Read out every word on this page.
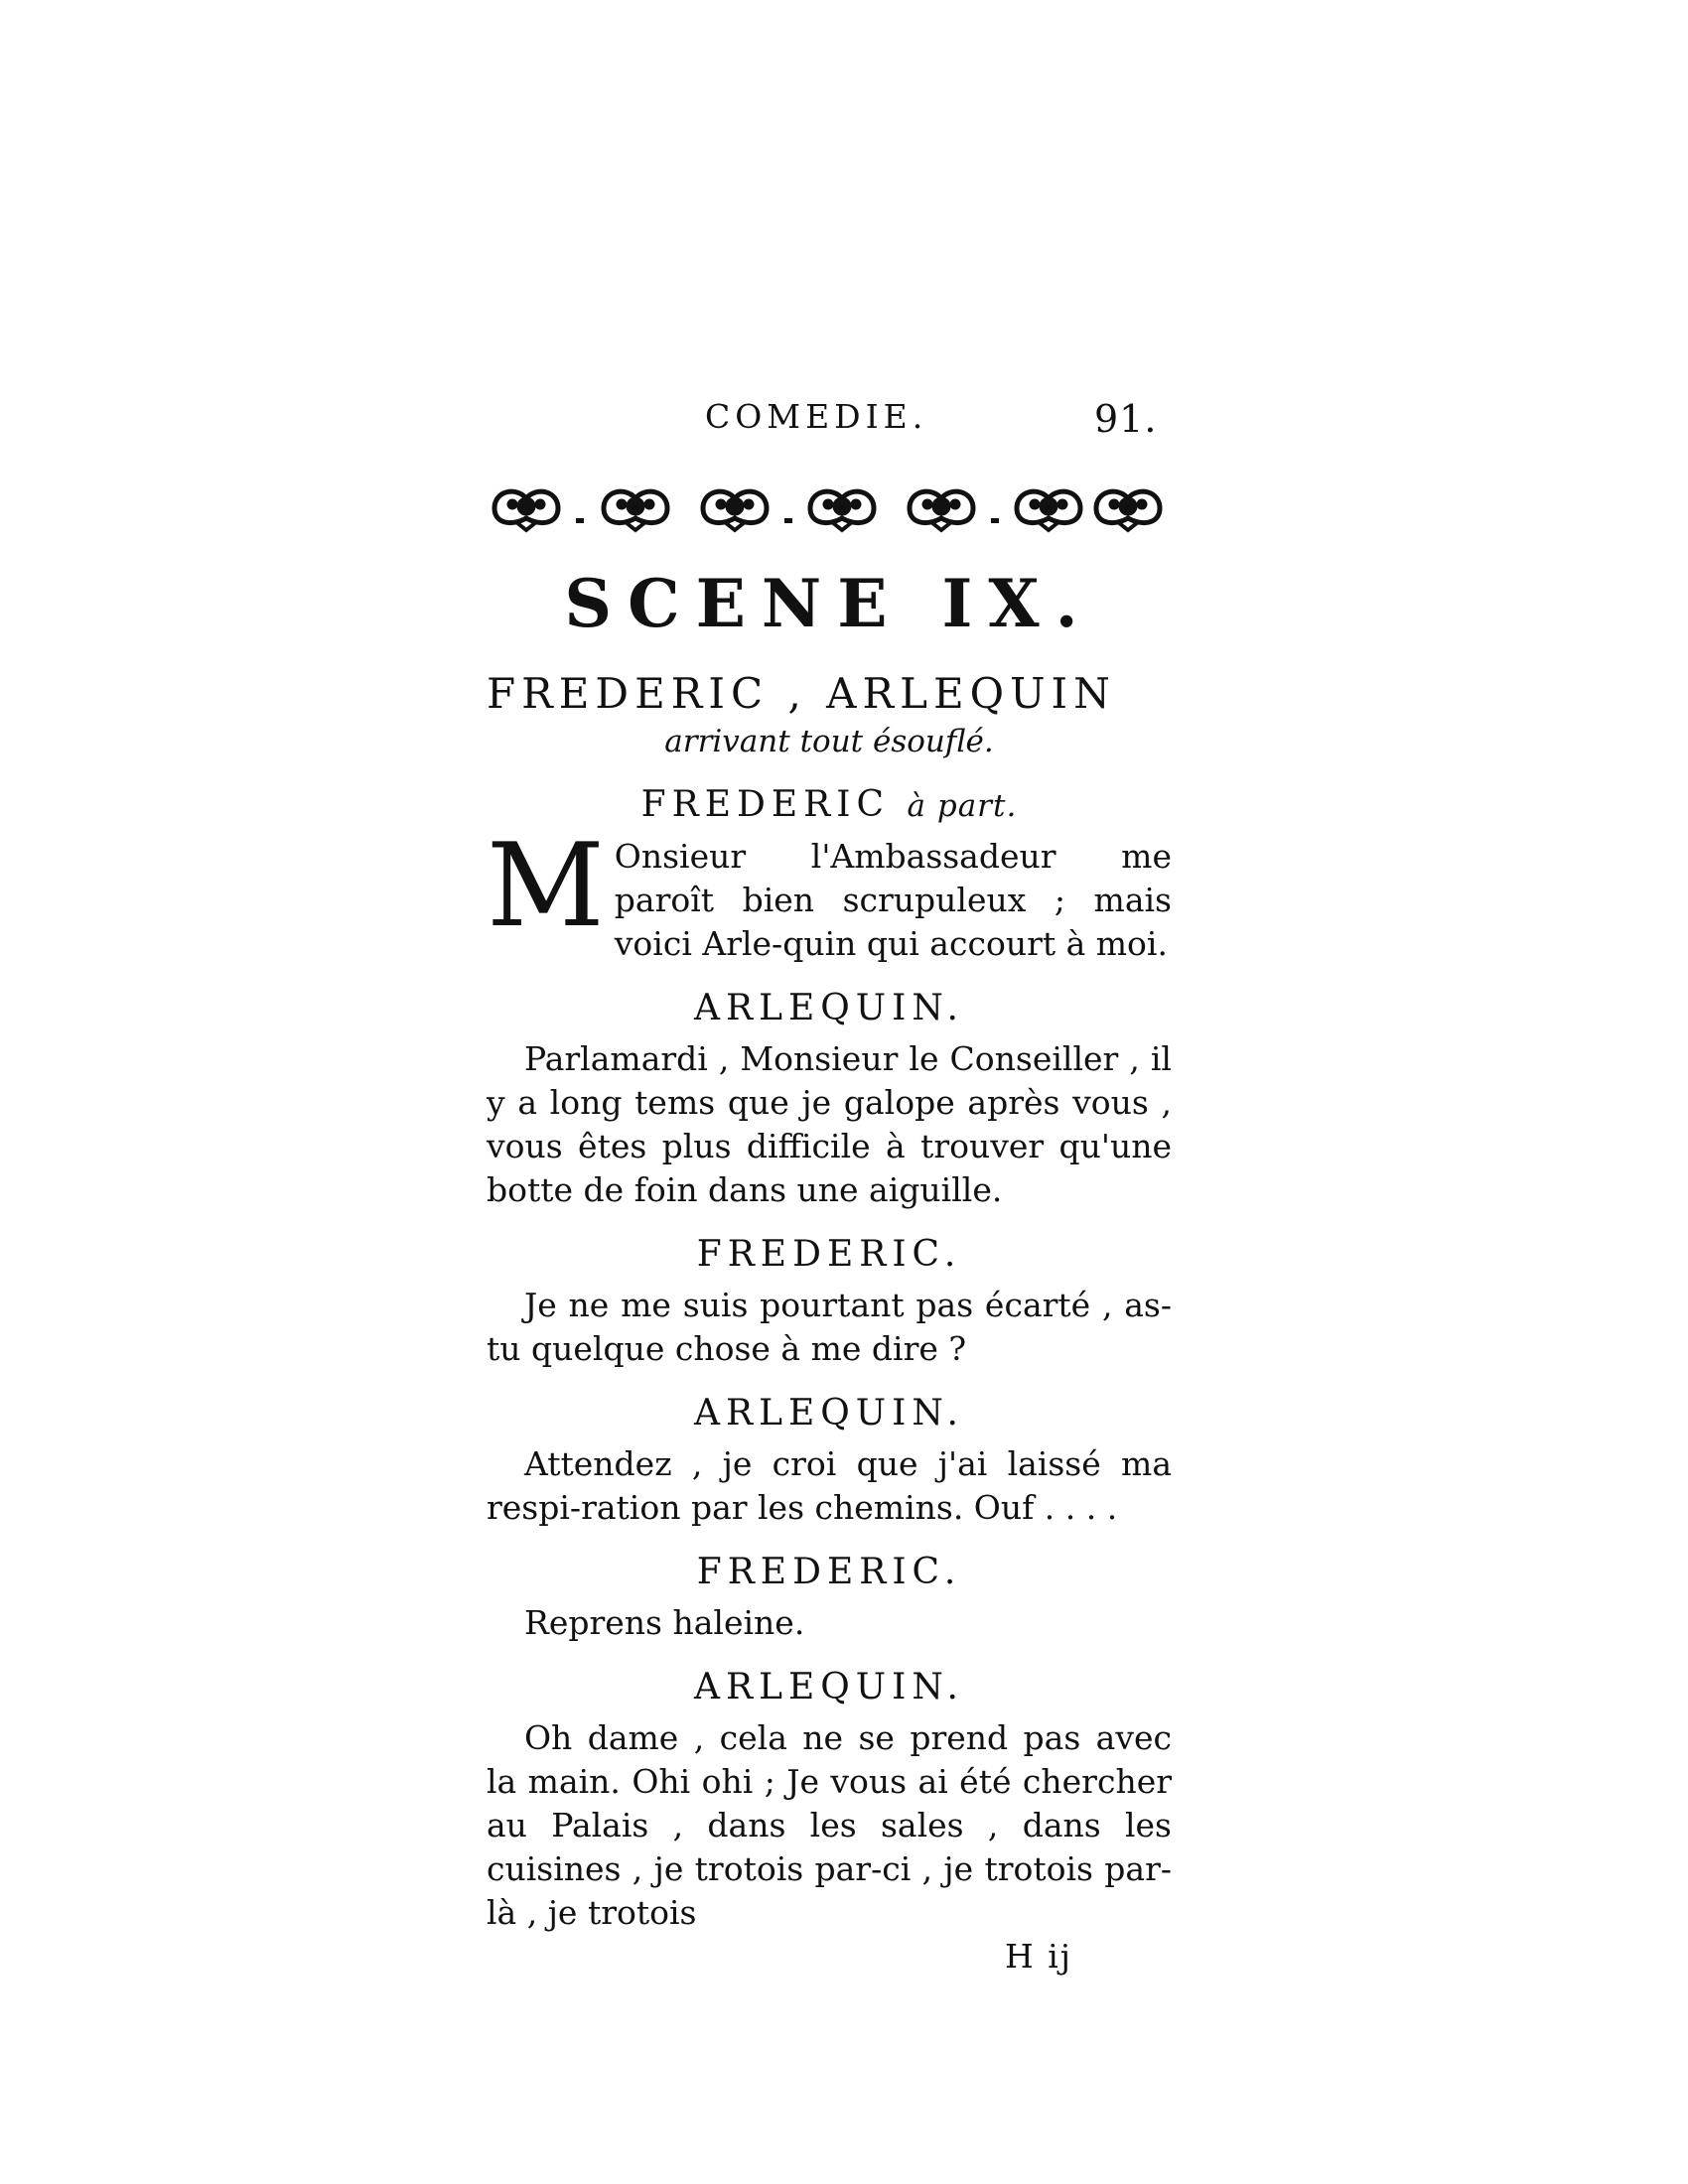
COMEDIE.	91.
SCENE IX.
FREDERIC , ARLEQUIN
arrivant tout ésouflé.
FREDERIC à part.

M Onsieur l'Ambassadeur me paroît bien scrupuleux ; mais voici Arle-quin qui accourt à moi.

ARLEQUIN.

Parlamardi , Monsieur le Conseiller , il y a long tems que je galope après vous , vous êtes plus difficile à trouver qu'une botte de foin dans une aiguille.

FREDERIC.

Je ne me suis pourtant pas écarté , as-tu quelque chose à me dire ?

ARLEQUIN.

Attendez , je croi que j'ai laissé ma respi-ration par les chemins. Ouf . . . .

FREDERIC.

Reprens haleine.

ARLEQUIN.

Oh dame , cela ne se prend pas avec la main. Ohi ohi ; Je vous ai été chercher au Palais , dans les sales , dans les cuisines , je trotois par-ci , je trotois par-là , je trotois

H ij
